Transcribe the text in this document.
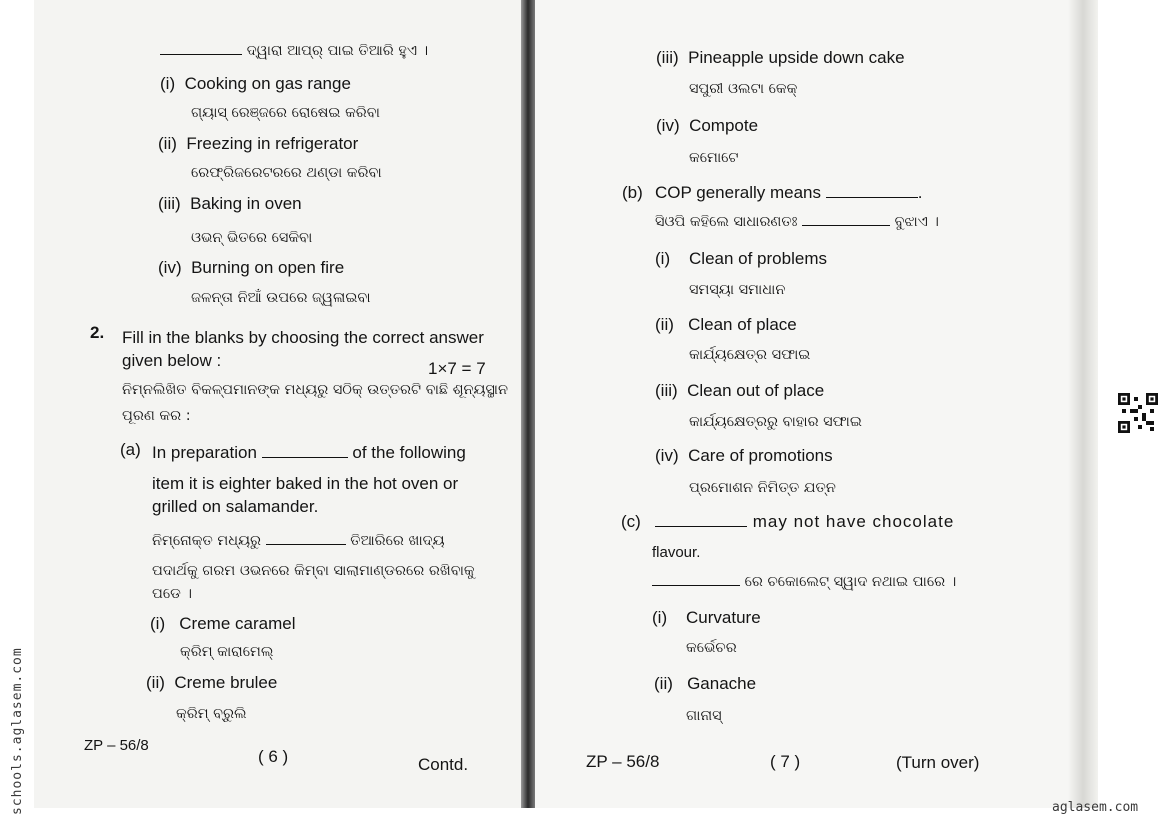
ଦ୍ୱାରା ଆପ୍‌ର୍ ପାଇ ତିଆରି ହୁଏ ।
(i) Cooking on gas range
ଗ୍ୟାସ୍ ରେଞ୍ଜରେ ରୋଷେଇ କରିବା
(ii) Freezing in refrigerator
ରେଫ୍ରିଜରେଟରରେ ଥଣ୍ଡା କରିବା
(iii) Baking in oven
ଓଭନ୍ ଭିତରେ ସେକିବା
(iv) Burning on open fire
ଜଳନ୍ତା ନିଆଁ ଉପରେ ଜ୍ୱଳାଇବା
2. Fill in the blanks by choosing the correct answer
given below :	1×7 = 7
ନିମ୍ନଲିଖିତ ବିକଳ୍ପମାନଙ୍କ ମଧ୍ୟରୁ ସଠିକ୍ ଉତ୍ତରଟି ବାଛି ଶୂନ୍ୟସ୍ଥାନ
ପୂରଣ କର :
(a) In preparation	of the following
item it is eighter baked in the hot oven or
grilled on salamander.
ନିମ୍ନୋକ୍ତ ମଧ୍ୟରୁ	ତିଆରିରେ ଖାଦ୍ୟ
ପଦାର୍ଥକୁ ଗରମ ଓଭନରେ କିମ୍ବା ସାଲାମାଣ୍ଡରରେ ରଖିବାକୁ
ପଡେ ।
(i) Creme caramel
କ୍ରିମ୍ କାରାମେଲ୍
(ii) Creme brulee
କ୍ରିମ୍ ବ୍ରୁଲି
ZP – 56/8
( 6 )	Contd.
(iii) Pineapple upside down cake
ସପୁରୀ ଓଲଟା କେକ୍
(iv) Compote
କମୋଟେ
(b) COP generally means	.
ସିଓପି କହିଲେ ସାଧାରଣତଃ	ବୁଝାଏ ।
(i) Clean of problems
ସମସ୍ୟା ସମାଧାନ
(ii) Clean of place
କାର୍ଯ୍ୟକ୍ଷେତ୍ର ସଫାଇ
(iii) Clean out of place
କାର୍ଯ୍ୟକ୍ଷେତ୍ରରୁ ବାହାର ସଫାଇ
(iv) Care of promotions
ପ୍ରମୋଶନ ନିମିତ୍ତ ଯତ୍ନ
(c)	may not have chocolate
flavour.
ରେ ଚକୋଲେଟ୍ ସ୍ୱାଦ ନଥାଇ ପାରେ ।
(i) Curvature
କର୍ଭେଚର
(ii) Ganache
ଗାନାସ୍
ZP – 56/8	( 7 )	(Turn over)
schools.aglasem.com	aglasem.com
